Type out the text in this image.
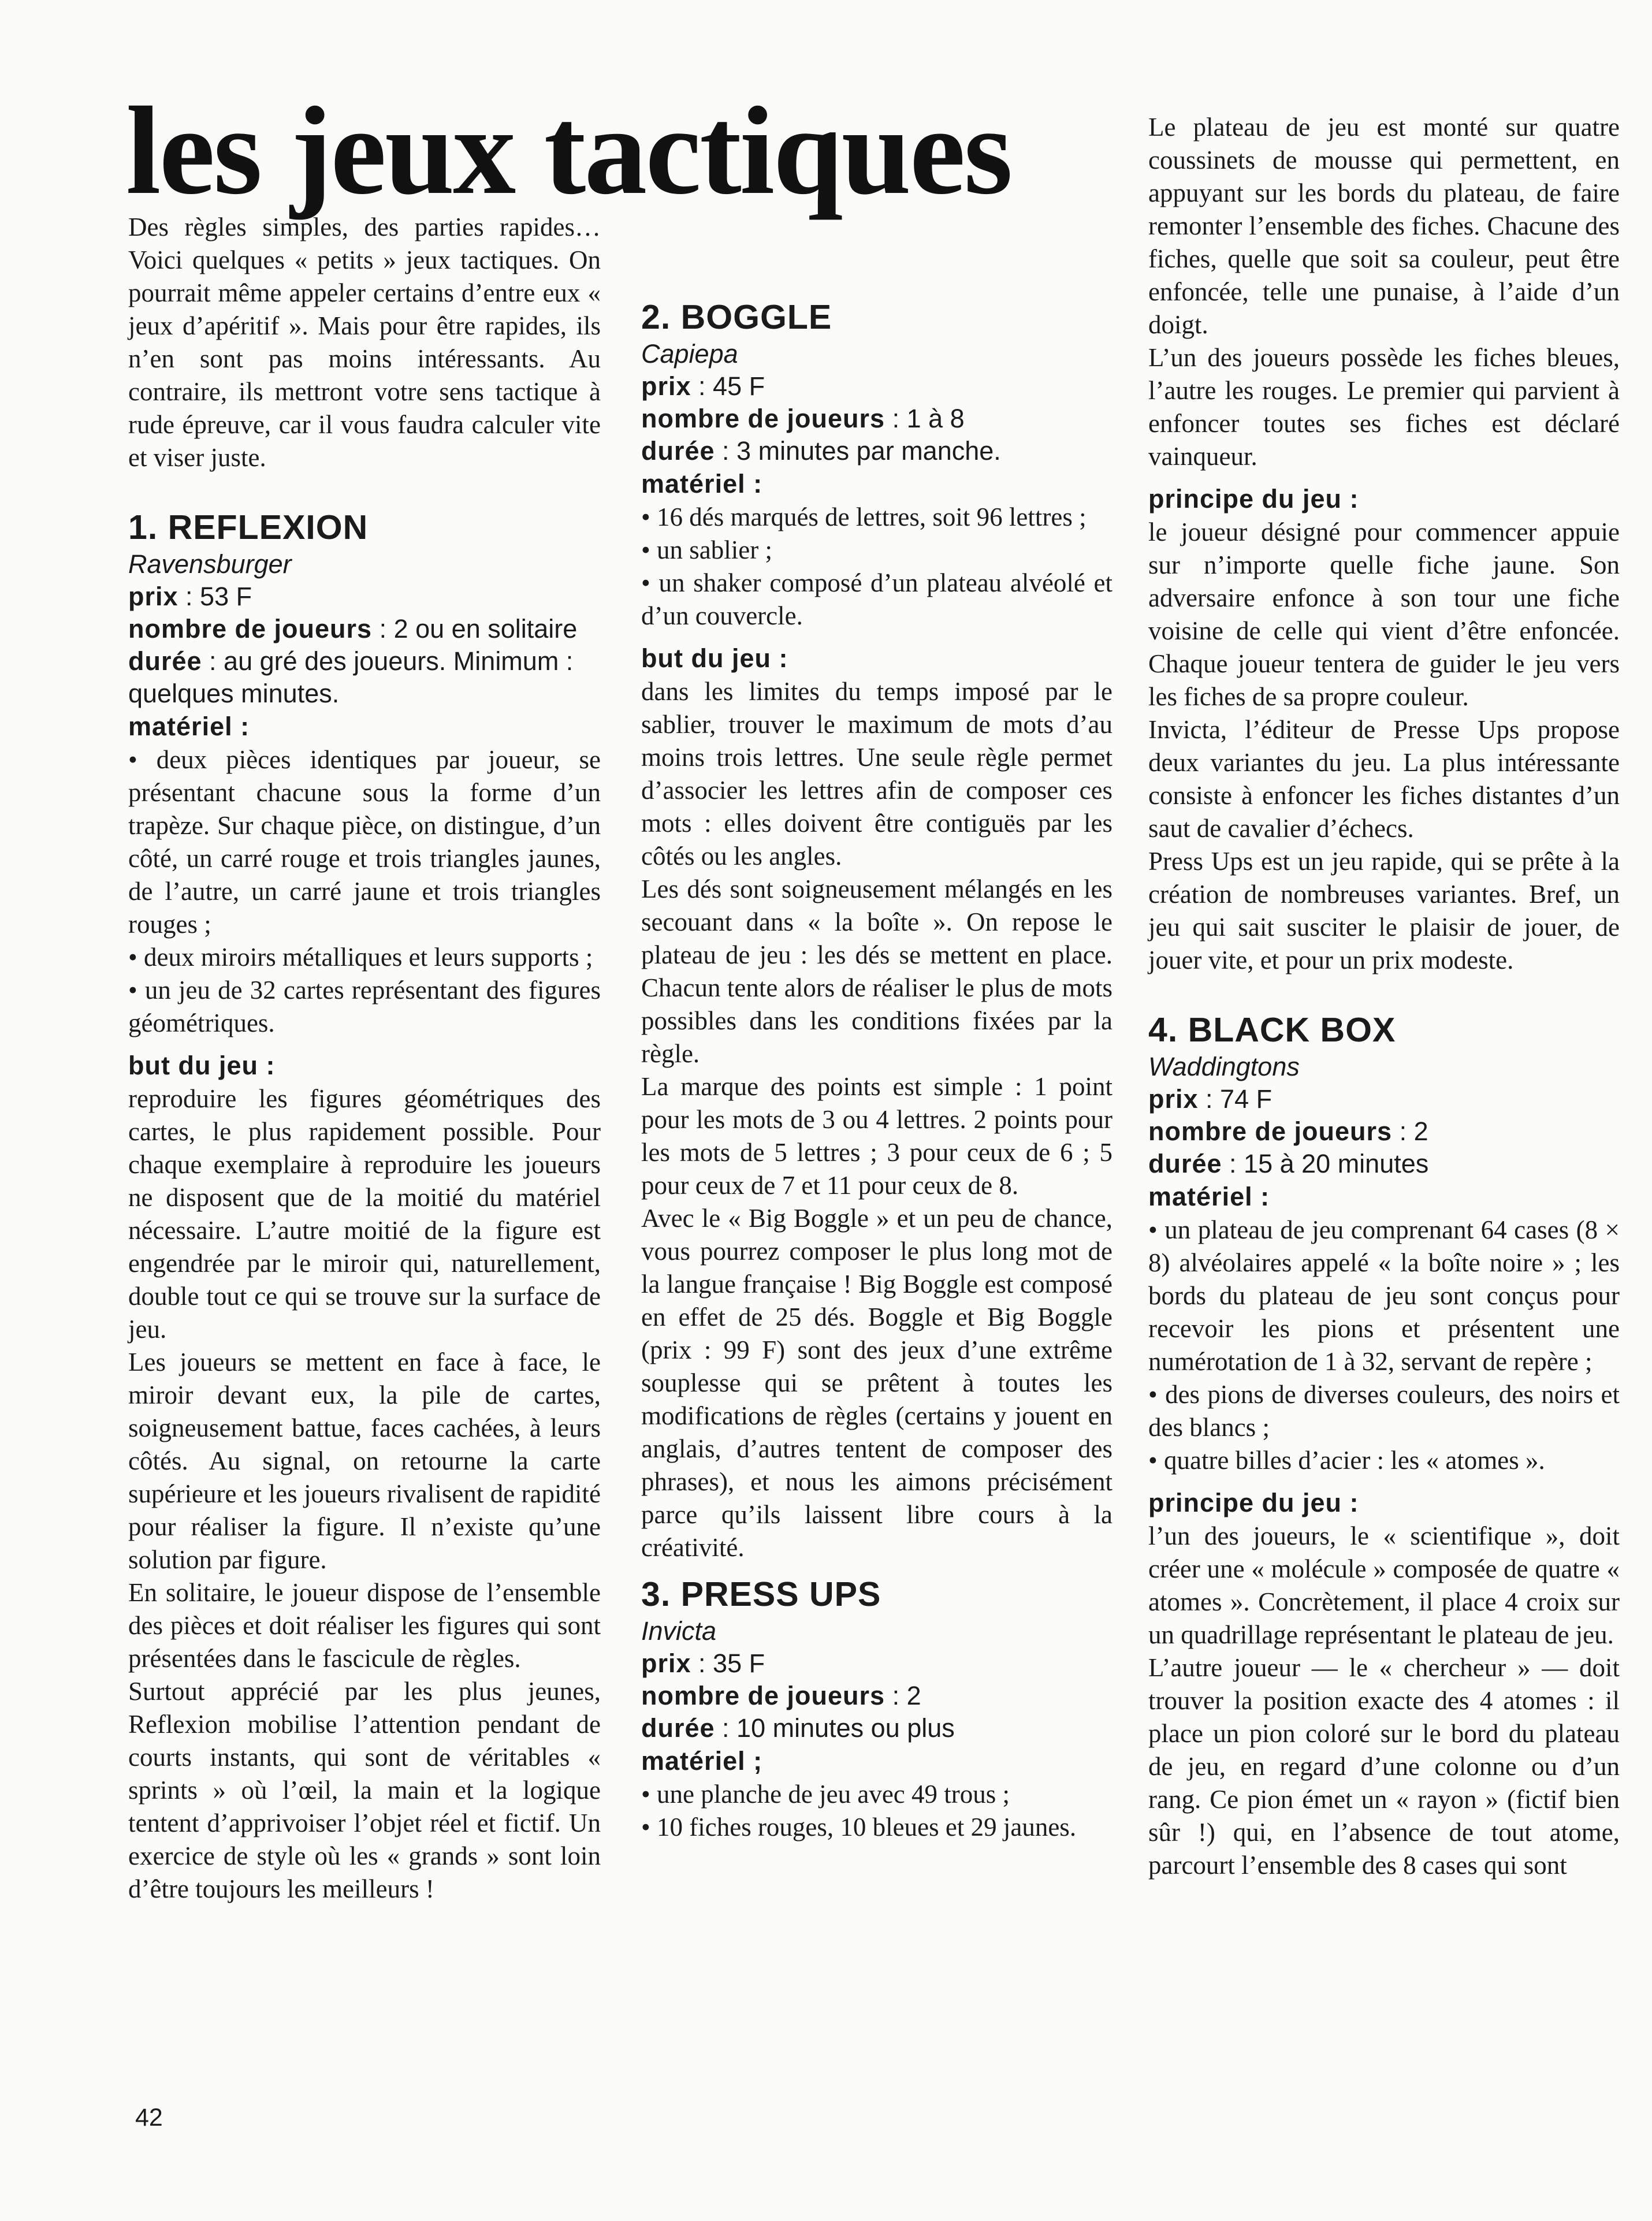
les jeux tactiques

Des règles simples, des parties rapides… Voici quelques « petits » jeux tactiques. On pourrait même appeler certains d’entre eux « jeux d’apéritif ». Mais pour être rapides, ils n’en sont pas moins intéressants. Au contraire, ils mettront votre sens tactique à rude épreuve, car il vous faudra calculer vite et viser juste.

1. REFLEXION
Ravensburger
prix : 53 F
nombre de joueurs : 2 ou en solitaire
durée : au gré des joueurs. Minimum : quelques minutes.
matériel :
• deux pièces identiques par joueur, se présentant chacune sous la forme d’un trapèze. Sur chaque pièce, on distingue, d’un côté, un carré rouge et trois triangles jaunes, de l’autre, un carré jaune et trois triangles rouges ;
• deux miroirs métalliques et leurs supports ;
• un jeu de 32 cartes représentant des figures géométriques.
but du jeu :

reproduire les figures géométriques des cartes, le plus rapidement possible. Pour chaque exemplaire à reproduire les joueurs ne disposent que de la moitié du matériel nécessaire. L’autre moitié de la figure est engendrée par le miroir qui, naturellement, double tout ce qui se trouve sur la surface de jeu.

Les joueurs se mettent en face à face, le miroir devant eux, la pile de cartes, soigneusement battue, faces cachées, à leurs côtés. Au signal, on retourne la carte supérieure et les joueurs rivalisent de rapidité pour réaliser la figure. Il n’existe qu’une solution par figure.

En solitaire, le joueur dispose de l’ensemble des pièces et doit réaliser les figures qui sont présentées dans le fascicule de règles.

Surtout apprécié par les plus jeunes, Reflexion mobilise l’attention pendant de courts instants, qui sont de véritables « sprints » où l’œil, la main et la logique tentent d’apprivoiser l’objet réel et fictif. Un exercice de style où les « grands » sont loin d’être toujours les meilleurs !

2. BOGGLE
Capiepa
prix : 45 F
nombre de joueurs : 1 à 8
durée : 3 minutes par manche.
matériel :
• 16 dés marqués de lettres, soit 96 lettres ;
• un sablier ;
• un shaker composé d’un plateau alvéolé et d’un couvercle.
but du jeu :

dans les limites du temps imposé par le sablier, trouver le maximum de mots d’au moins trois lettres. Une seule règle permet d’associer les lettres afin de composer ces mots : elles doivent être contiguës par les côtés ou les angles.

Les dés sont soigneusement mélangés en les secouant dans « la boîte ». On repose le plateau de jeu : les dés se mettent en place. Chacun tente alors de réaliser le plus de mots possibles dans les conditions fixées par la règle.

La marque des points est simple : 1 point pour les mots de 3 ou 4 lettres. 2 points pour les mots de 5 lettres ; 3 pour ceux de 6 ; 5 pour ceux de 7 et 11 pour ceux de 8.

Avec le « Big Boggle » et un peu de chance, vous pourrez composer le plus long mot de la langue française ! Big Boggle est composé en effet de 25 dés. Boggle et Big Boggle (prix : 99 F) sont des jeux d’une extrême souplesse qui se prêtent à toutes les modifications de règles (certains y jouent en anglais, d’autres tentent de composer des phrases), et nous les aimons précisément parce qu’ils laissent libre cours à la créativité.

3. PRESS UPS
Invicta
prix : 35 F
nombre de joueurs : 2
durée : 10 minutes ou plus
matériel ;
• une planche de jeu avec 49 trous ;
• 10 fiches rouges, 10 bleues et 29 jaunes.

Le plateau de jeu est monté sur quatre coussinets de mousse qui permettent, en appuyant sur les bords du plateau, de faire remonter l’ensemble des fiches. Chacune des fiches, quelle que soit sa couleur, peut être enfoncée, telle une punaise, à l’aide d’un doigt.

L’un des joueurs possède les fiches bleues, l’autre les rouges. Le premier qui parvient à enfoncer toutes ses fiches est déclaré vainqueur.

principe du jeu :

le joueur désigné pour commencer appuie sur n’importe quelle fiche jaune. Son adversaire enfonce à son tour une fiche voisine de celle qui vient d’être enfoncée. Chaque joueur tentera de guider le jeu vers les fiches de sa propre couleur.

Invicta, l’éditeur de Presse Ups propose deux variantes du jeu. La plus intéressante consiste à enfoncer les fiches distantes d’un saut de cavalier d’échecs.

Press Ups est un jeu rapide, qui se prête à la création de nombreuses variantes. Bref, un jeu qui sait susciter le plaisir de jouer, de jouer vite, et pour un prix modeste.

4. BLACK BOX
Waddingtons
prix : 74 F
nombre de joueurs : 2
durée : 15 à 20 minutes
matériel :
• un plateau de jeu comprenant 64 cases (8 × 8) alvéolaires appelé « la boîte noire » ; les bords du plateau de jeu sont conçus pour recevoir les pions et présentent une numérotation de 1 à 32, servant de repère ;
• des pions de diverses couleurs, des noirs et des blancs ;
• quatre billes d’acier : les « atomes ».
principe du jeu :

l’un des joueurs, le « scientifique », doit créer une « molécule » composée de quatre « atomes ». Concrètement, il place 4 croix sur un quadrillage représentant le plateau de jeu.

L’autre joueur — le « chercheur » — doit trouver la position exacte des 4 atomes : il place un pion coloré sur le bord du plateau de jeu, en regard d’une colonne ou d’un rang. Ce pion émet un « rayon » (fictif bien sûr !) qui, en l’absence de tout atome, parcourt l’ensemble des 8 cases qui sont

42
